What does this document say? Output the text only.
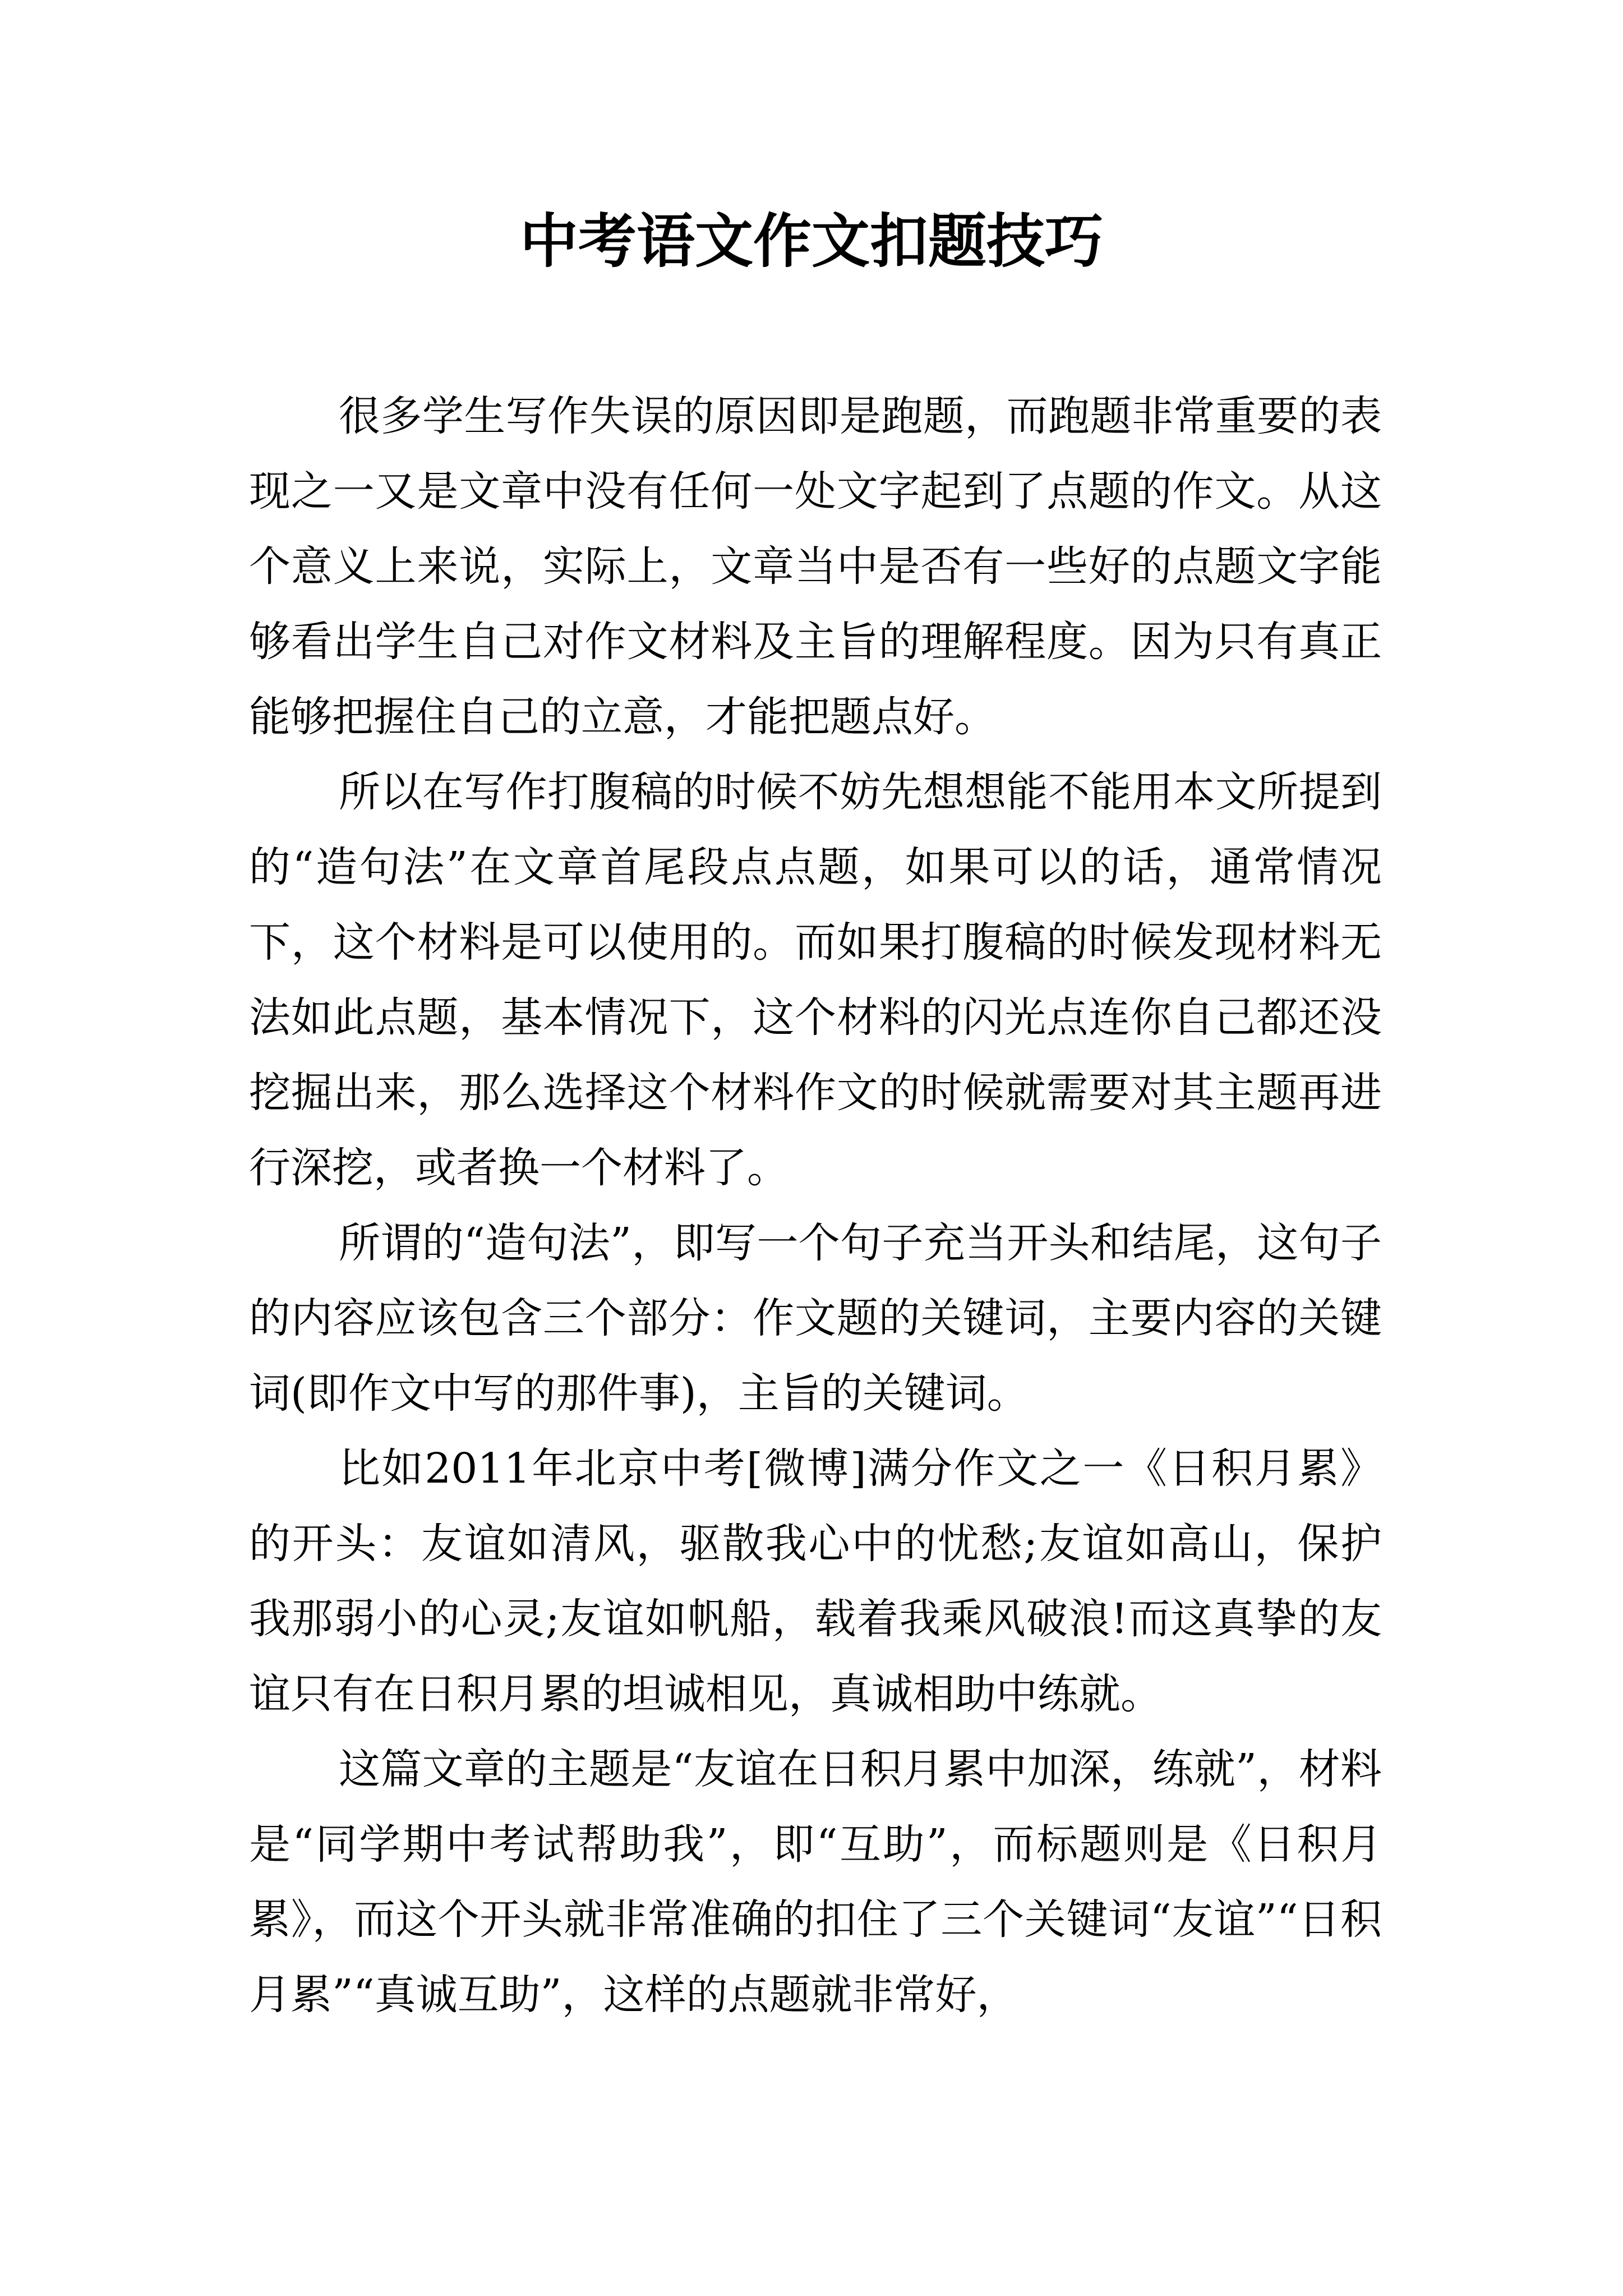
中考语文作文扣题技巧

很多学生写作失误的原因即是跑题，而跑题非常重要的表现之一又是文章中没有任何一处文字起到了点题的作文。从这个意义上来说，实际上，文章当中是否有一些好的点题文字能够看出学生自己对作文材料及主旨的理解程度。因为只有真正能够把握住自己的立意，才能把题点好。

所以在写作打腹稿的时候不妨先想想能不能用本文所提到的“造句法”在文章首尾段点点题，如果可以的话，通常情况下，这个材料是可以使用的。而如果打腹稿的时候发现材料无法如此点题，基本情况下，这个材料的闪光点连你自己都还没挖掘出来，那么选择这个材料作文的时候就需要对其主题再进行深挖，或者换一个材料了。

所谓的“造句法”，即写一个句子充当开头和结尾，这句子的内容应该包含三个部分：作文题的关键词，主要内容的关键词(即作文中写的那件事)，主旨的关键词。

比如2011年北京中考[微博]满分作文之一《日积月累》的开头：友谊如清风，驱散我心中的忧愁;友谊如高山，保护我那弱小的心灵;友谊如帆船，载着我乘风破浪!而这真挚的友谊只有在日积月累的坦诚相见，真诚相助中练就。

这篇文章的主题是“友谊在日积月累中加深，练就”，材料是“同学期中考试帮助我”，即“互助”，而标题则是《日积月累》，而这个开头就非常准确的扣住了三个关键词“友谊”“日积月累”“真诚互助”，这样的点题就非常好，
